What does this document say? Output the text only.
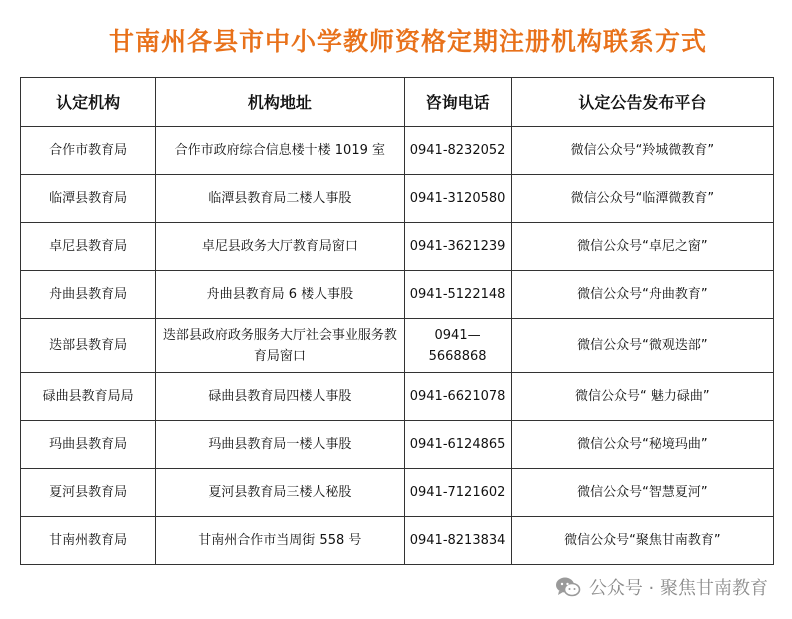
甘南州各县市中小学教师资格定期注册机构联系方式
认定机构	机构地址	咨询电话	认定公告发布平台
合作市教育局	合作市政府综合信息楼十楼 1019 室	0941-8232052	微信公众号“羚城微教育”
临潭县教育局	临潭县教育局二楼人事股	0941-3120580	微信公众号“临潭微教育”
卓尼县教育局	卓尼县政务大厅教育局窗口	0941-3621239	微信公众号“卓尼之窗”
舟曲县教育局	舟曲县教育局 6 楼人事股	0941-5122148	微信公众号“舟曲教育”
迭部县教育局	迭部县政府政务服务大厅社会事业服务教育局窗口	0941—5668868	微信公众号“微观迭部”
碌曲县教育局局	碌曲县教育局四楼人事股	0941-6621078	微信公众号“ 魅力碌曲”
玛曲县教育局	玛曲县教育局一楼人事股	0941-6124865	微信公众号“秘境玛曲”
夏河县教育局	夏河县教育局三楼人秘股	0941-7121602	微信公众号“智慧夏河”
甘南州教育局	甘南州合作市当周街 558 号	0941-8213834	微信公众号“聚焦甘南教育”
公众号 · 聚焦甘南教育
